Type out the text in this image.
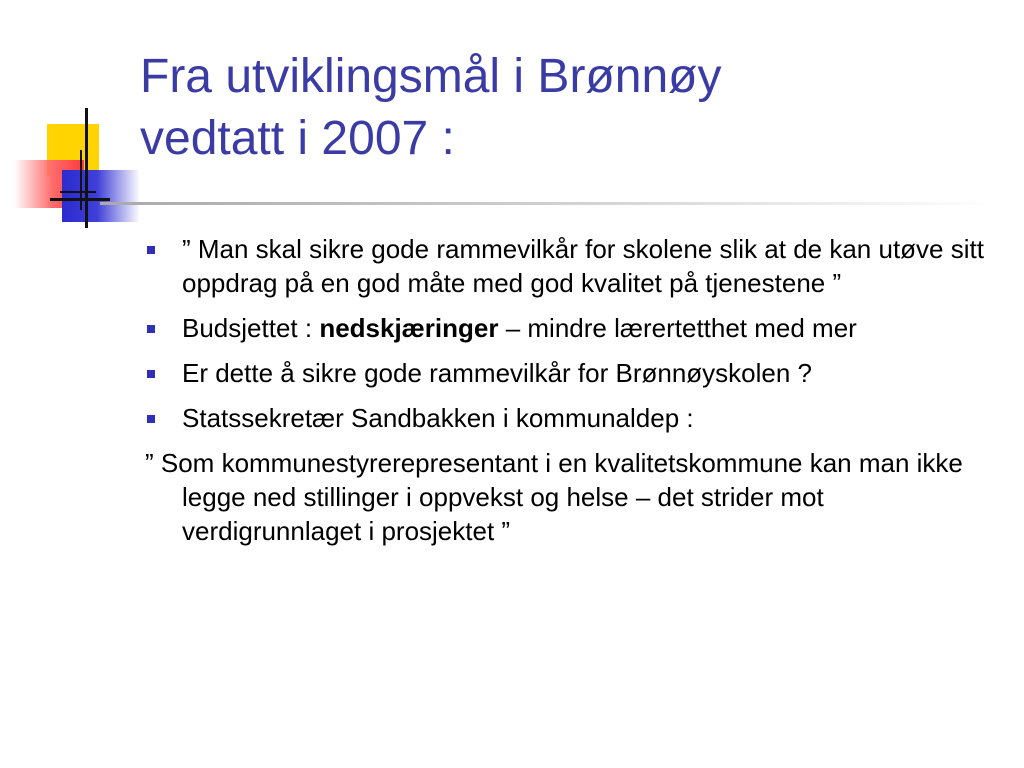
Fra utviklingsmål i Brønnøy
vedtatt i 2007 :
” Man skal sikre gode rammevilkår for skolene slik at de kan utøve sitt oppdrag på en god måte med god kvalitet på tjenestene ”
Budsjettet : nedskjæringer – mindre lærertetthet med mer
Er dette å sikre gode rammevilkår for Brønnøyskolen ?
Statssekretær Sandbakken i kommunaldep :

” Som kommunestyrerepresentant i en kvalitetskommune kan man ikke legge ned stillinger i oppvekst og helse – det strider mot verdigrunnlaget i prosjektet ”
